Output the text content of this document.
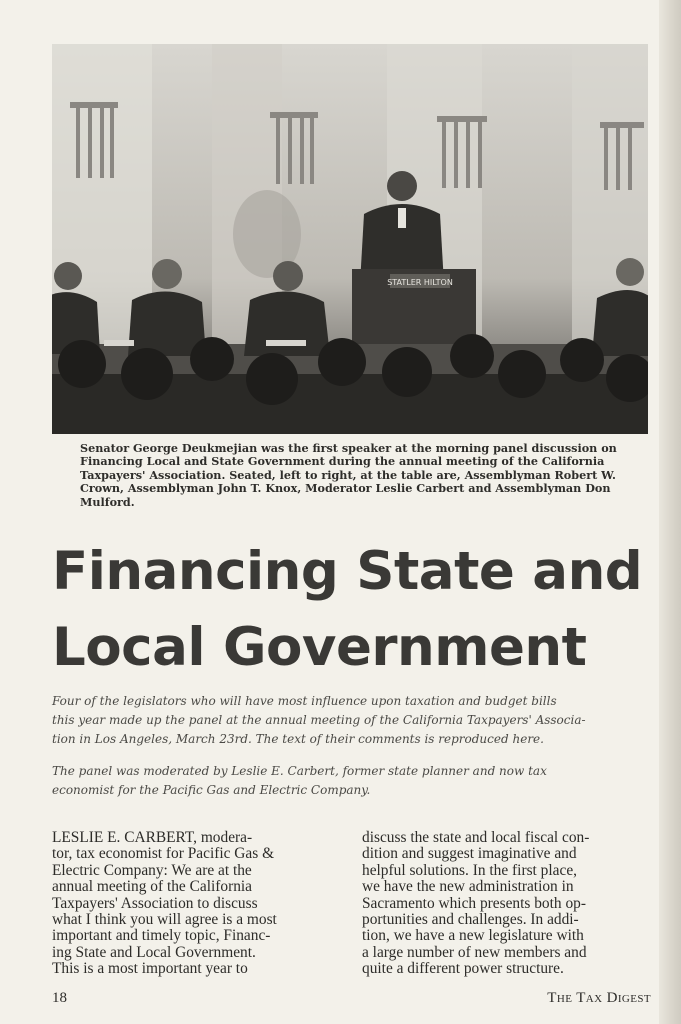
STATLER HILTON
Senator George Deukmejian was the first speaker at the morning panel discussion on
Financing Local and State Government during the annual meeting of the California
Taxpayers' Association. Seated, left to right, at the table are, Assemblyman Robert W.
Crown, Assemblyman John T. Knox, Moderator Leslie Carbert and Assemblyman Don
Mulford.
Financing State and
Local Government
Four of the legislators who will have most influence upon taxation and budget bills
this year made up the panel at the annual meeting of the California Taxpayers' Associa-
tion in Los Angeles, March 23rd. The text of their comments is reproduced here.
The panel was moderated by Leslie E. Carbert, former state planner and now tax
economist for the Pacific Gas and Electric Company.
LESLIE E. CARBERT, modera-
tor, tax economist for Pacific Gas &
Electric Company: We are at the
annual meeting of the California
Taxpayers' Association to discuss
what I think you will agree is a most
important and timely topic, Financ-
ing State and Local Government.
This is a most important year to
discuss the state and local fiscal con-
dition and suggest imaginative and
helpful solutions. In the first place,
we have the new administration in
Sacramento which presents both op-
portunities and challenges. In addi-
tion, we have a new legislature with
a large number of new members and
quite a different power structure.
18	The Tax Digest
